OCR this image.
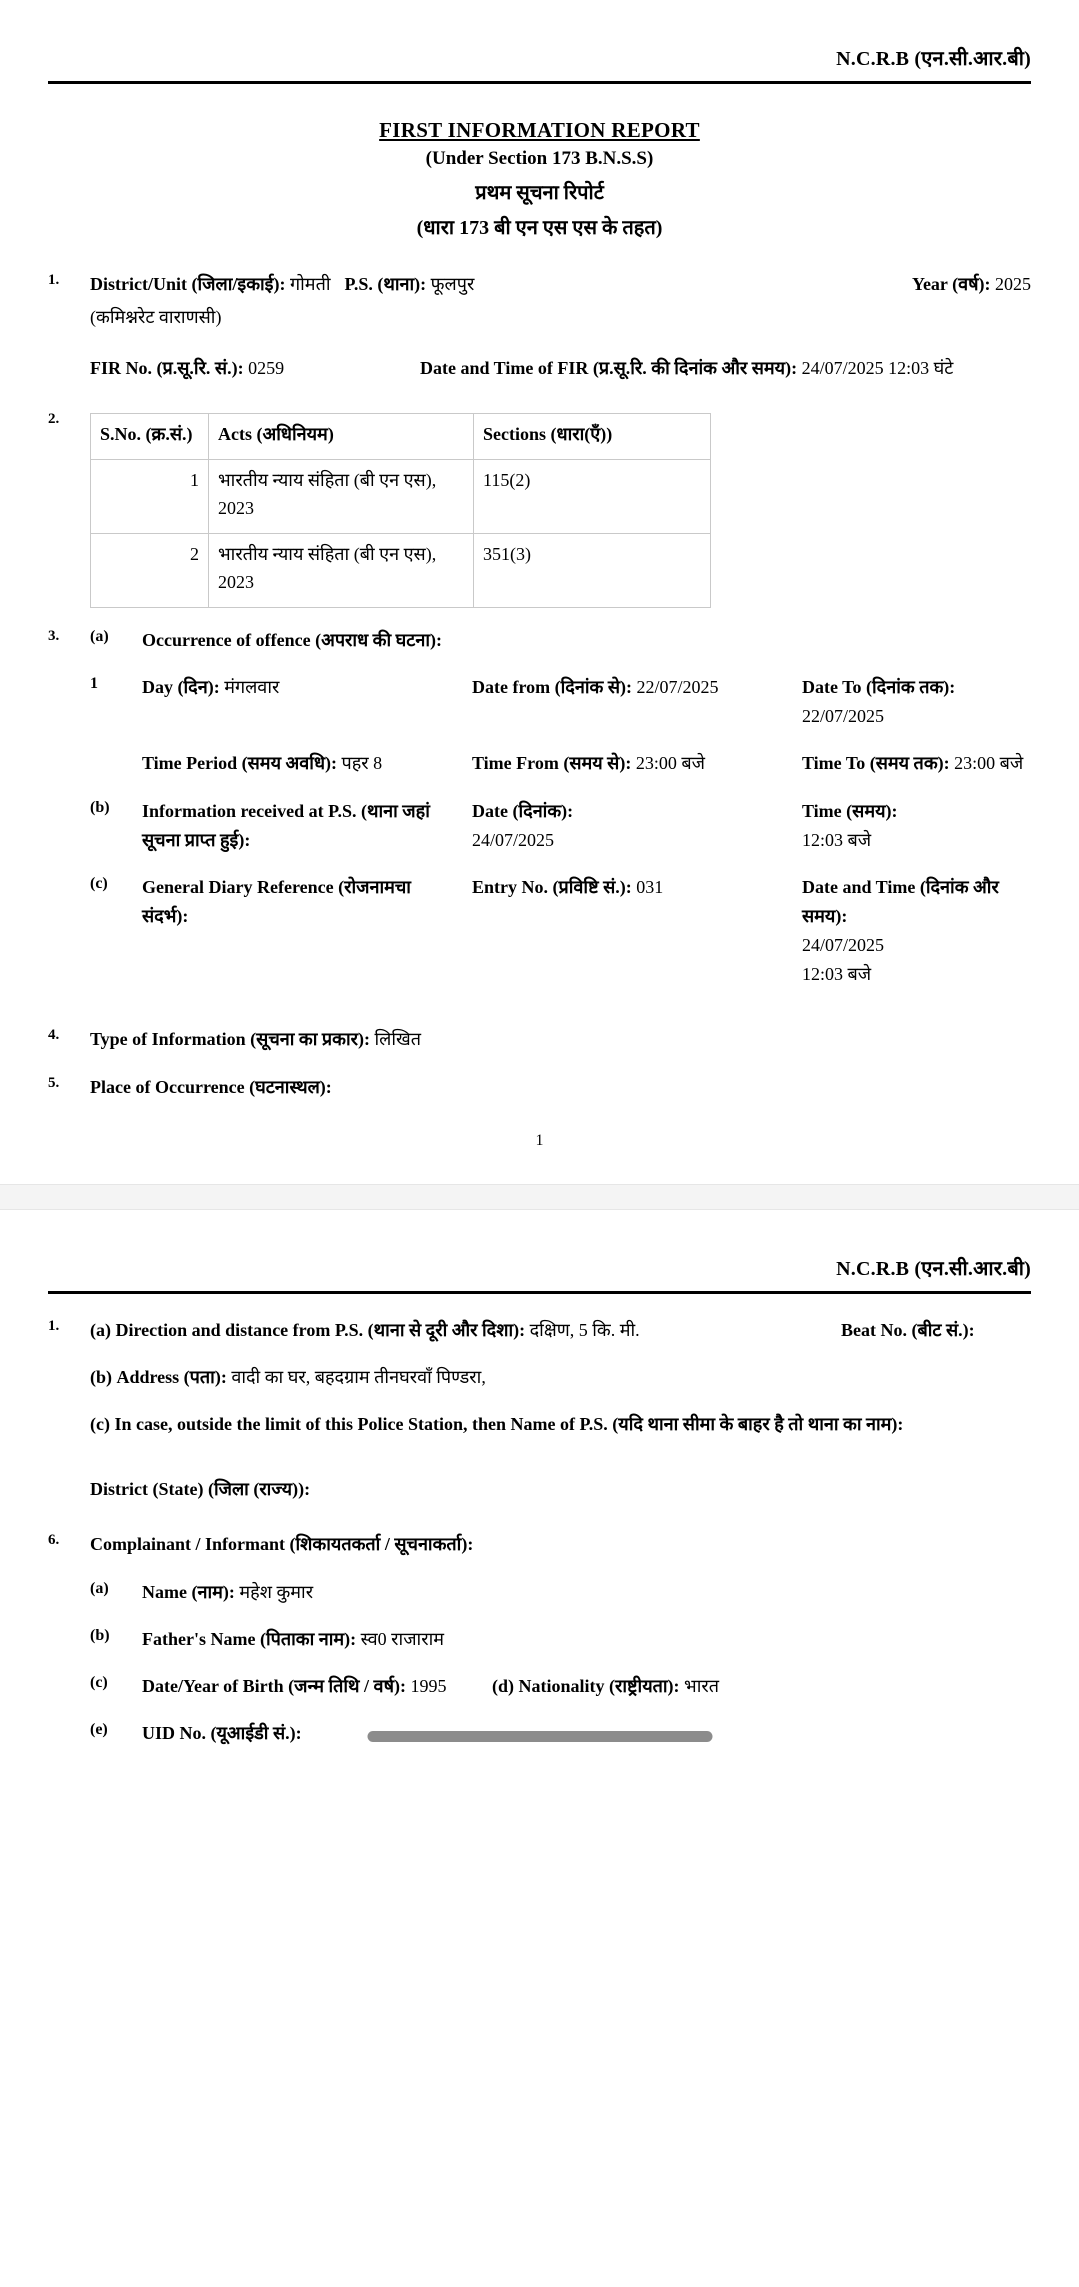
N.C.R.B (एन.सी.आर.बी)
FIRST INFORMATION REPORT
(Under Section 173 B.N.S.S)
प्रथम सूचना रिपोर्ट
(धारा 173 बी एन एस एस के तहत)
1.	District/Unit (जिला/इकाई): गोमती P.S. (थाना): फूलपुर	Year (वर्ष): 2025
(कमिश्नरेट वाराणसी)
FIR No. (प्र.सू.रि. सं.): 0259	Date and Time of FIR (प्र.सू.रि. की दिनांक और समय): 24/07/2025 12:03 घंटे
2.
S.No. (क्र.सं.)	Acts (अधिनियम)	Sections (धारा(एँ))
1	भारतीय न्याय संहिता (बी एन एस), 2023	115(2)
2	भारतीय न्याय संहिता (बी एन एस), 2023	351(3)
3.	(a)	Occurrence of offence (अपराध की घटना):
1	Day (दिन): मंगलवार	Date from (दिनांक से): 22/07/2025	Date To (दिनांक तक): 22/07/2025
Time Period (समय अवधि): पहर 8	Time From (समय से): 23:00 बजे	Time To (समय तक): 23:00 बजे
(b)	Information received at P.S. (थाना जहां सूचना प्राप्त हुई):
Date (दिनांक):
24/07/2025
Time (समय):
12:03 बजे
(c)	General Diary Reference (रोजनामचा संदर्भ):
Entry No. (प्रविष्टि सं.): 031	Date and Time (दिनांक और समय):
24/07/2025
12:03 बजे
4.	Type of Information (सूचना का प्रकार): लिखित
5.	Place of Occurrence (घटनास्थल):
1
N.C.R.B (एन.सी.आर.बी)
1.	(a) Direction and distance from P.S. (थाना से दूरी और दिशा): दक्षिण, 5 कि. मी.	Beat No. (बीट सं.):
(b) Address (पता): वादी का घर, बहदग्राम तीनघरवाँ पिण्डरा,
(c) In case, outside the limit of this Police Station, then Name of P.S. (यदि थाना सीमा के बाहर है तो थाना का नाम):
District (State) (जिला (राज्य)):
6.	Complainant / Informant (शिकायतकर्ता / सूचनाकर्ता):
(a)	Name (नाम): महेश कुमार
(b)	Father's Name (पिताका नाम): स्व0 राजाराम
(c)	Date/Year of Birth (जन्म तिथि / वर्ष): 1995	(d) Nationality (राष्ट्रीयता): भारत
(e)	UID No. (यूआईडी सं.):
